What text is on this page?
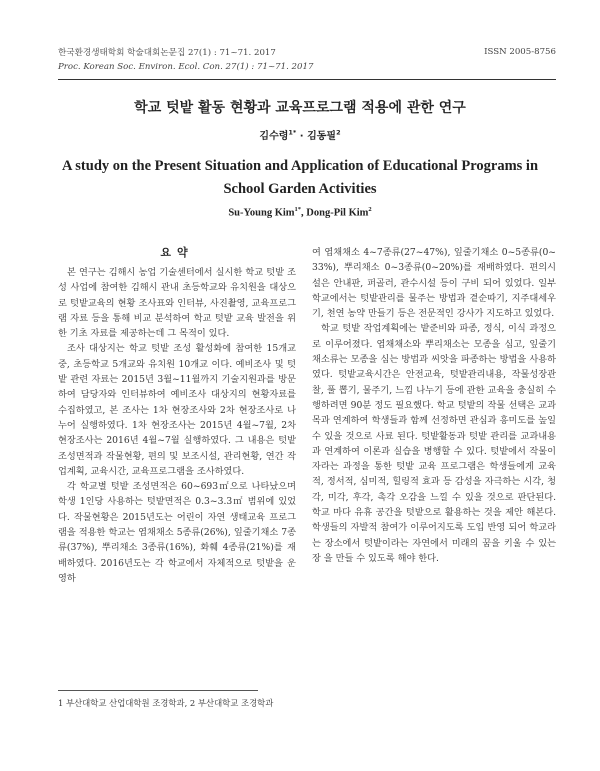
한국환경생태학회 학술대회논문집 27(1) : 71~71. 2017
Proc. Korean Soc. Environ. Ecol. Con. 27(1) : 71~71. 2017
ISSN 2005-8756
학교 텃밭 활동 현황과 교육프로그램 적용에 관한 연구
김수령$^{1*}$ · 김동필$^2$
A study on the Present Situation and Application of Educational Programs in School Garden Activities
Su-Young Kim$^{1*}$, Dong-Pil Kim$^2$
요약

본 연구는 김해시 농업 기술센터에서 실시한 학교 텃밭 조성 사업에 참여한 김해시 관내 초등학교와 유치원을 대상으로 텃밭교육의 현황 조사표와 인터뷰, 사진촬영, 교육프로그램 자료 등을 통해 비교 분석하여 학교 텃밭 교육 발전을 위한 기초 자료를 제공하는데 그 목적이 있다.

조사 대상지는 학교 텃밭 조성 활성화에 참여한 15개교 중, 초등학교 5개교와 유치원 10개교 이다. 예비조사 및 텃밭 관련 자료는 2015년 3월~11월까지 기술지원과를 방문하여 담당자와 인터뷰하여 예비조사 대상지의 현황자료를 수집하였고, 본 조사는 1차 현장조사와 2차 현장조사로 나누어 실행하였다. 1차 현장조사는 2015년 4월~7월, 2차 현장조사는 2016년 4월~7월 실행하였다. 그 내용은 텃밭 조성면적과 작물현황, 편의 및 보조시설, 관리현황, 연간 작업계획, 교육시간, 교육프로그램을 조사하였다.

각 학교별 텃밭 조성면적은 60~693㎡으로 나타났으며 학생 1인당 사용하는 텃밭면적은 0.3~3.3㎡ 범위에 있었다. 작물현황은 2015년도는 어린이 자연 생태교육 프로그램을 적용한 학교는 엽채채소 5종류(26%), 잎줄기채소 7종류(37%), 뿌리채소 3종류(16%), 화훼 4종류(21%)를 재배하였다. 2016년도는 각 학교에서 자체적으로 텃밭을 운영하

여 엽채채소 4~7종류(27~47%), 잎줄기채소 0~5종류(0~33%), 뿌리채소 0~3종류(0~20%)를 재배하였다. 편의시설은 안내판, 퍼골러, 관수시설 등이 구비 되어 있었다. 일부학교에서는 텃밭관리를 물주는 방법과 곁순따기, 지주대세우기, 천연 농약 만들기 등은 전문적인 강사가 지도하고 있었다.

학교 텃밭 작업계획에는 밭준비와 파종, 정식, 이식 과정으로 이루어졌다. 엽채채소와 뿌리채소는 모종을 심고, 잎줄기 채소류는 모종을 심는 방법과 씨앗을 파종하는 방법을 사용하였다. 텃밭교육시간은 안전교육, 텃밭관리내용, 작물성장관찰, 풀 뽑기, 물주기, 느낌 나누기 등에 관한 교육을 충실히 수행하려면 90분 정도 필요했다. 학교 텃밭의 작물 선택은 교과목과 연계하여 학생들과 함께 선정하면 관심과 흥미도를 높일 수 있을 것으로 사료 된다. 텃밭활동과 텃밭 관리를 교과내용과 연계하여 이론과 실습을 병행할 수 있다. 텃밭에서 작물이 자라는 과정을 통한 텃밭 교육 프로그램은 학생들에게 교육적, 정서적, 심미적, 힐링적 효과 등 감성을 자극하는 시각, 청각, 미각, 후각, 촉각 오감을 느낄 수 있을 것으로 판단된다. 학교 마다 유휴 공간을 텃밭으로 활용하는 것을 제안 해본다. 학생들의 자발적 참여가 이루어지도록 도입 반영 되어 학교라는 장소에서 텃밭이라는 자연에서 미래의 꿈을 키울 수 있는 장 을 만들 수 있도록 해야 한다.

1 부산대학교 산업대학원 조경학과, 2 부산대학교 조경학과
